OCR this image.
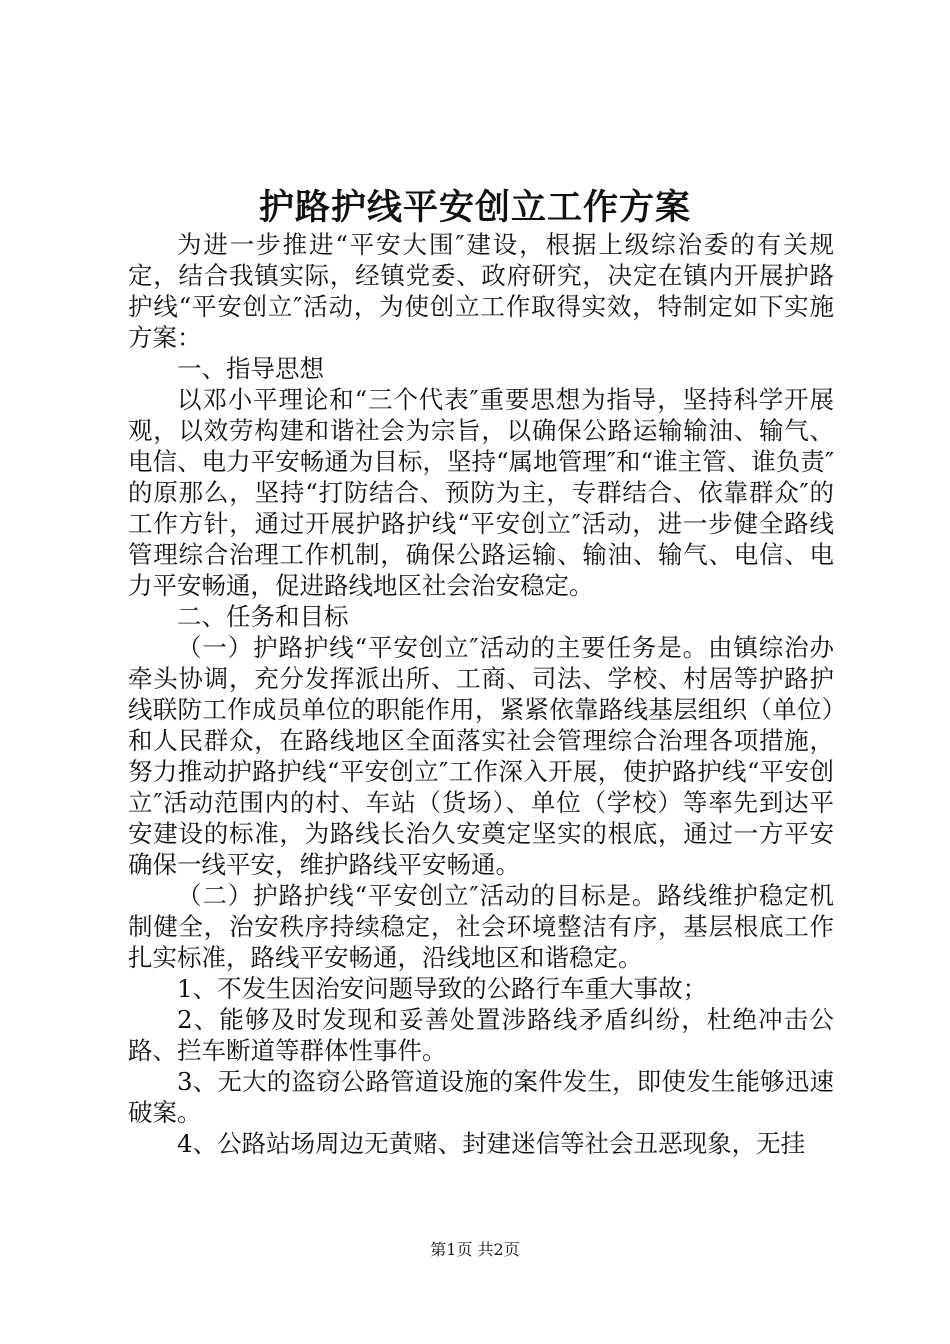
护路护线平安创立工作方案

为进一步推进“平安大围″建设，根据上级综治委的有关规定，结合我镇实际，经镇党委、政府研究，决定在镇内开展护路护线“平安创立″活动，为使创立工作取得实效，特制定如下实施方案：

一、指导思想

以邓小平理论和“三个代表″重要思想为指导，坚持科学开展观，以效劳构建和谐社会为宗旨，以确保公路运输输油、输气、电信、电力平安畅通为目标，坚持“属地管理″和“谁主管、谁负责″的原那么，坚持“打防结合、预防为主，专群结合、依靠群众″的工作方针，通过开展护路护线“平安创立″活动，进一步健全路线管理综合治理工作机制，确保公路运输、输油、输气、电信、电力平安畅通，促进路线地区社会治安稳定。

二、任务和目标

（一）护路护线“平安创立″活动的主要任务是。由镇综治办牵头协调，充分发挥派出所、工商、司法、学校、村居等护路护线联防工作成员单位的职能作用，紧紧依靠路线基层组织（单位）和人民群众，在路线地区全面落实社会管理综合治理各项措施，努力推动护路护线“平安创立″工作深入开展，使护路护线“平安创立″活动范围内的村、车站（货场）、单位（学校）等率先到达平安建设的标准，为路线长治久安奠定坚实的根底，通过一方平安确保一线平安，维护路线平安畅通。

（二）护路护线“平安创立″活动的目标是。路线维护稳定机制健全，治安秩序持续稳定，社会环境整洁有序，基层根底工作扎实标准，路线平安畅通，沿线地区和谐稳定。

1、不发生因治安问题导致的公路行车重大事故；

2、能够及时发现和妥善处置涉路线矛盾纠纷，杜绝冲击公路、拦车断道等群体性事件。

3、无大的盗窃公路管道设施的案件发生，即使发生能够迅速破案。

4、公路站场周边无黄赌、封建迷信等社会丑恶现象，无挂

第1页 共2页
